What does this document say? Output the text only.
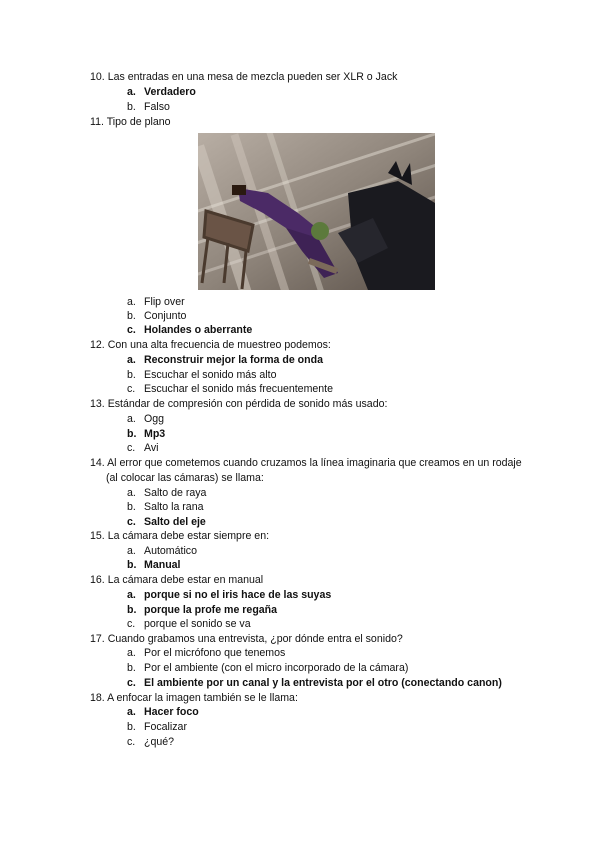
10. Las entradas en una mesa de mezcla pueden ser XLR o Jack
a. Verdadero
b. Falso
11. Tipo de plano
a. Flip over
b. Conjunto
c. Holandes o aberrante
12. Con una alta frecuencia de muestreo podemos:
a. Reconstruir mejor la forma de onda
b. Escuchar el sonido más alto
c. Escuchar el sonido más frecuentemente
13. Estándar de compresión con pérdida de sonido más usado:
a. Ogg
b. Mp3
c. Avi
14. Al error que cometemos cuando cruzamos la línea imaginaria que creamos en un rodaje (al colocar las cámaras) se llama:
a. Salto de raya
b. Salto la rana
c. Salto del eje
15. La cámara debe estar siempre en:
a. Automático
b. Manual
16. La cámara debe estar en manual
a. porque si no el iris hace de las suyas
b. porque la profe me regaña
c. porque el sonido se va
17. Cuando grabamos una entrevista, ¿por dónde entra el sonido?
a. Por el micrófono que tenemos
b. Por el ambiente (con el micro incorporado de la cámara)
c. El ambiente por un canal y la entrevista por el otro (conectando canon)
18. A enfocar la imagen también se le llama:
a. Hacer foco
b. Focalizar
c. ¿qué?
